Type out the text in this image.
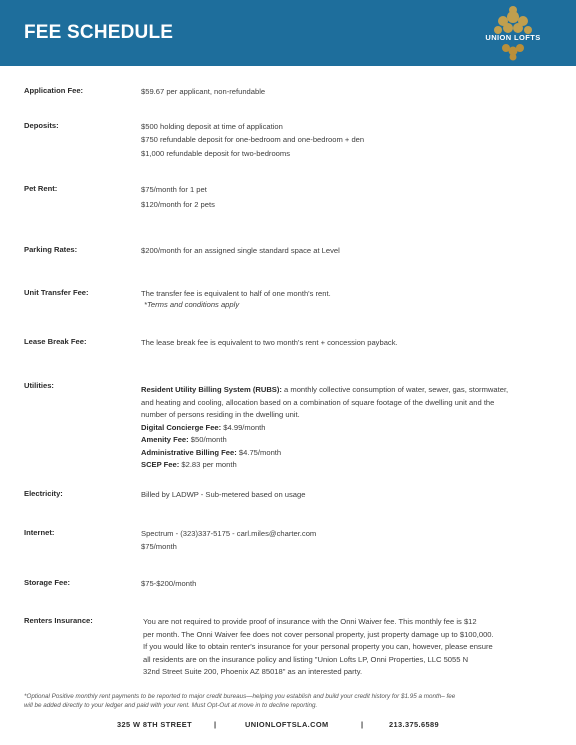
FEE SCHEDULE	UNION LOFTS
Application Fee:	$59.67 per applicant, non-refundable
Deposits:	$500 holding deposit at time of application
$750 refundable deposit for one-bedroom and one-bedroom + den
$1,000 refundable deposit for two-bedrooms
Pet Rent:	$75/month for 1 pet
$120/month for 2 pets
Parking Rates:	$200/month for an assigned single standard space at Level
Unit Transfer Fee:	The transfer fee is equivalent to half of one month's rent.
*Terms and conditions apply
Lease Break Fee:	The lease break fee is equivalent to two month's rent + concession payback.
Utilities:	Resident Utility Billing System (RUBS): a monthly collective consumption of water, sewer, gas, stormwater,
and heating and cooling, allocation based on a combination of square footage of the dwelling unit and the
number of persons residing in the dwelling unit.
Digital Concierge Fee: $4.99/month
Amenity Fee: $50/month
Administrative Billing Fee: $4.75/month
SCEP Fee: $2.83 per month
Electricity:	Billed by LADWP - Sub-metered based on usage
Internet:	Spectrum - (323)337-5175 - carl.miles@charter.com
$75/month
Storage Fee:	$75-$200/month
Renters Insurance:	You are not required to provide proof of insurance with the Onni Waiver fee. This monthly fee is $12
per month. The Onni Waiver fee does not cover personal property, just property damage up to $100,000.
If you would like to obtain renter's insurance for your personal property you can, however, please ensure
all residents are on the insurance policy and listing "Union Lofts LP, Onni Properties, LLC 5055 N
32nd Street Suite 200, Phoenix AZ 85018" as an interested party.
*Optional Positive monthly rent payments to be reported to major credit bureaus—helping you establish and build your credit history for $1.95 a month– fee
will be added directly to your ledger and paid with your rent. Must Opt-Out at move in to decline reporting.
325 W 8TH STREET	|	UNIONLOFTSLA.COM	|	213.375.6589
